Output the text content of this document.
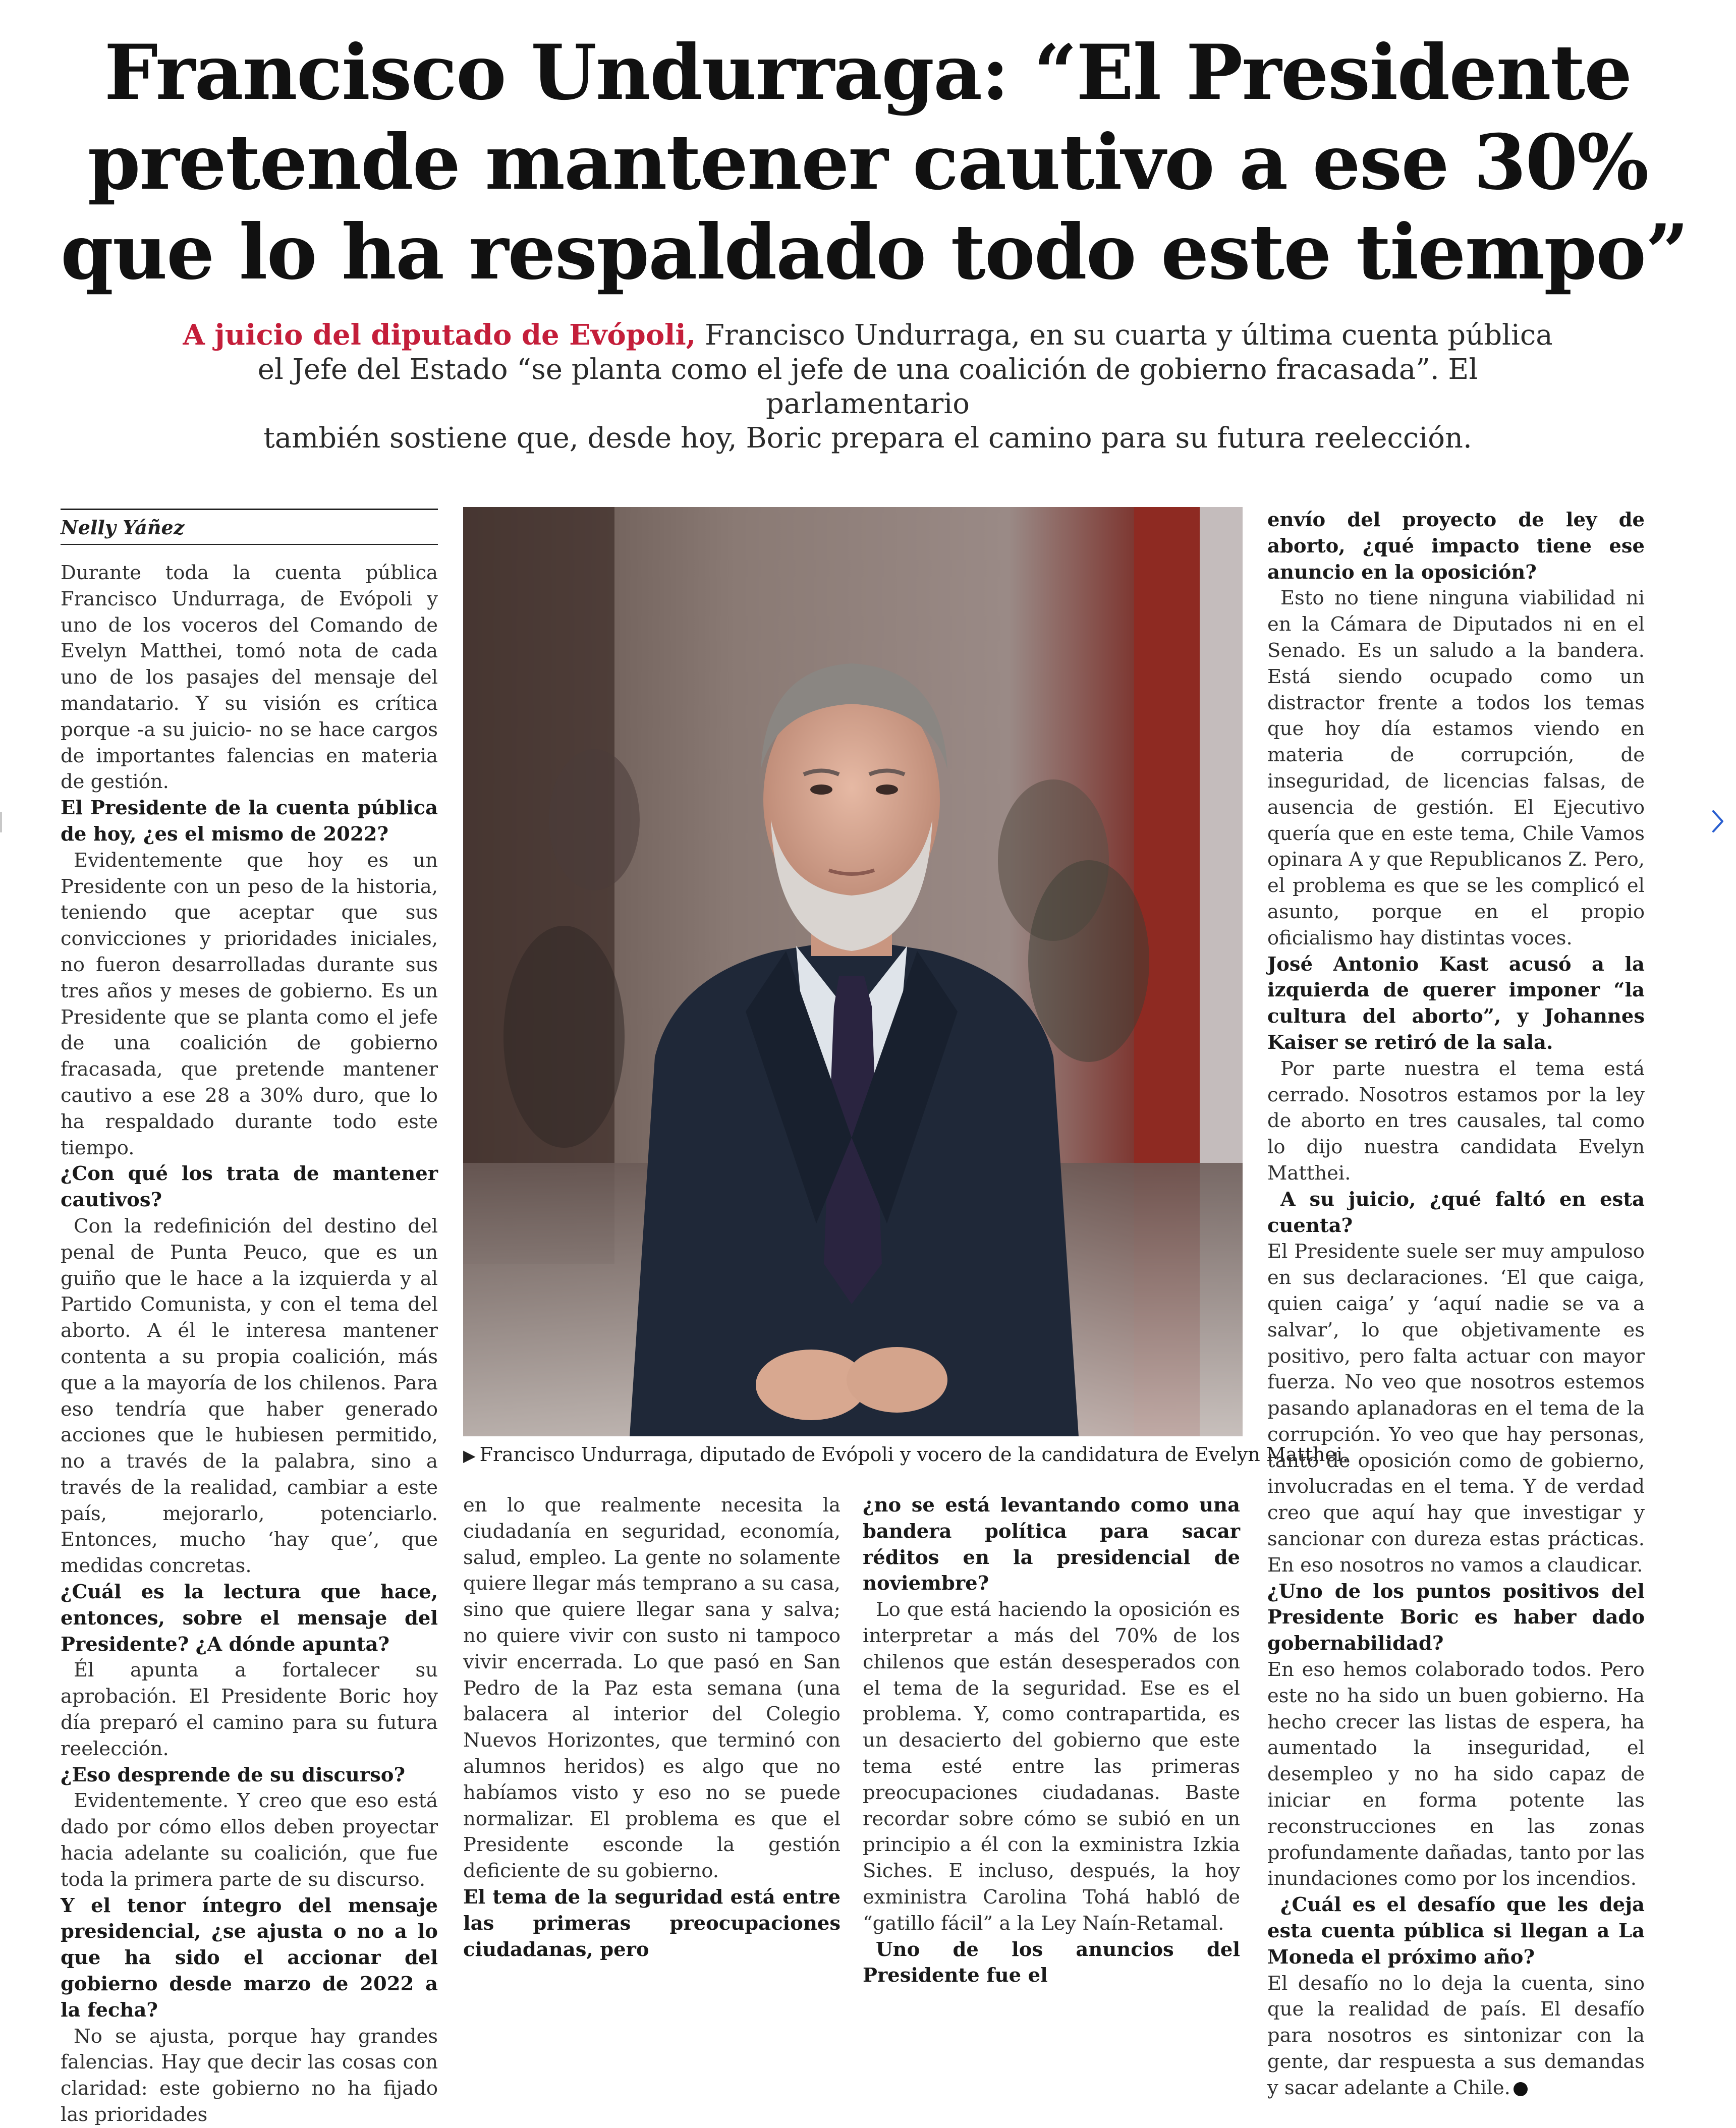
Francisco Undurraga: “El Presidente
pretende mantener cautivo a ese 30%
que lo ha respaldado todo este tiempo”
A juicio del diputado de Evópoli, Francisco Undurraga, en su cuarta y última cuenta pública
el Jefe del Estado “se planta como el jefe de una coalición de gobierno fracasada”. El parlamentario
también sostiene que, desde hoy, Boric prepara el camino para su futura reelección.
Nelly Yáñez

Durante toda la cuenta pública Francisco Undurraga, de Evópoli y uno de los voceros del Comando de Evelyn Matthei, tomó nota de cada uno de los pasajes del mensaje del mandatario. Y su visión es crítica porque -a su juicio- no se hace cargos de importantes falencias en materia de gestión.

El Presidente de la cuenta pública de hoy, ¿es el mismo de 2022?

Evidentemente que hoy es un Presidente con un peso de la historia, teniendo que aceptar que sus convicciones y prioridades iniciales, no fueron desarrolladas durante sus tres años y meses de gobierno. Es un Presidente que se planta como el jefe de una coalición de gobierno fracasada, que pretende mantener cautivo a ese 28 a 30% duro, que lo ha respaldado durante todo este tiempo.

¿Con qué los trata de mantener cautivos?

Con la redefinición del destino del penal de Punta Peuco, que es un guiño que le hace a la izquierda y al Partido Comunista, y con el tema del aborto. A él le interesa mantener contenta a su propia coalición, más que a la mayoría de los chilenos. Para eso tendría que haber generado acciones que le hubiesen permitido, no a través de la palabra, sino a través de la realidad, cambiar a este país, mejorarlo, potenciarlo. Entonces, mucho ‘hay que’, que medidas concretas.

¿Cuál es la lectura que hace, entonces, sobre el mensaje del Presidente? ¿A dónde apunta?

Él apunta a fortalecer su aprobación. El Presidente Boric hoy día preparó el camino para su futura reelección.

¿Eso desprende de su discurso?

Evidentemente. Y creo que eso está dado por cómo ellos deben proyectar hacia adelante su coalición, que fue toda la primera parte de su discurso.

Y el tenor íntegro del mensaje presidencial, ¿se ajusta o no a lo que ha sido el accionar del gobierno desde marzo de 2022 a la fecha?

No se ajusta, porque hay grandes falencias. Hay que decir las cosas con claridad: este gobierno no ha fijado las prioridades

▶ Francisco Undurraga, diputado de Evópoli y vocero de la candidatura de Evelyn Matthei.

en lo que realmente necesita la ciudadanía en seguridad, economía, salud, empleo. La gente no solamente quiere llegar más temprano a su casa, sino que quiere llegar sana y salva; no quiere vivir con susto ni tampoco vivir encerrada. Lo que pasó en San Pedro de la Paz esta semana (una balacera al interior del Colegio Nuevos Horizontes, que terminó con alumnos heridos) es algo que no habíamos visto y eso no se puede normalizar. El problema es que el Presidente esconde la gestión deficiente de su gobierno.

El tema de la seguridad está entre las primeras preocupaciones ciudadanas, pero

¿no se está levantando como una bandera política para sacar réditos en la presidencial de noviembre?

Lo que está haciendo la oposición es interpretar a más del 70% de los chilenos que están desesperados con el tema de la seguridad. Ese es el problema. Y, como contrapartida, es un desacierto del gobierno que este tema esté entre las primeras preocupaciones ciudadanas. Baste recordar sobre cómo se subió en un principio a él con la exministra Izkia Siches. E incluso, después, la hoy exministra Carolina Tohá habló de “gatillo fácil” a la Ley Naín-Retamal.

Uno de los anuncios del Presidente fue el

envío del proyecto de ley de aborto, ¿qué impacto tiene ese anuncio en la oposición?

Esto no tiene ninguna viabilidad ni en la Cámara de Diputados ni en el Senado. Es un saludo a la bandera. Está siendo ocupado como un distractor frente a todos los temas que hoy día estamos viendo en materia de corrupción, de inseguridad, de licencias falsas, de ausencia de gestión. El Ejecutivo quería que en este tema, Chile Vamos opinara A y que Republicanos Z. Pero, el problema es que se les complicó el asunto, porque en el propio oficialismo hay distintas voces.

José Antonio Kast acusó a la izquierda de querer imponer “la cultura del aborto”, y Johannes Kaiser se retiró de la sala.

Por parte nuestra el tema está cerrado. Nosotros estamos por la ley de aborto en tres causales, tal como lo dijo nuestra candidata Evelyn Matthei.

A su juicio, ¿qué faltó en esta cuenta?

El Presidente suele ser muy ampuloso en sus declaraciones. ‘El que caiga, quien caiga’ y ‘aquí nadie se va a salvar’, lo que objetivamente es positivo, pero falta actuar con mayor fuerza. No veo que nosotros estemos pasando aplanadoras en el tema de la corrupción. Yo veo que hay personas, tanto de oposición como de gobierno, involucradas en el tema. Y de verdad creo que aquí hay que investigar y sancionar con dureza estas prácticas. En eso nosotros no vamos a claudicar.

¿Uno de los puntos positivos del Presidente Boric es haber dado gobernabilidad?

En eso hemos colaborado todos. Pero este no ha sido un buen gobierno. Ha hecho crecer las listas de espera, ha aumentado la inseguridad, el desempleo y no ha sido capaz de iniciar en forma potente las reconstrucciones en las zonas profundamente dañadas, tanto por las inundaciones como por los incendios.

¿Cuál es el desafío que les deja esta cuenta pública si llegan a La Moneda el próximo año?

El desafío no lo deja la cuenta, sino que la realidad de país. El desafío para nosotros es sintonizar con la gente, dar respuesta a sus demandas y sacar adelante a Chile.
